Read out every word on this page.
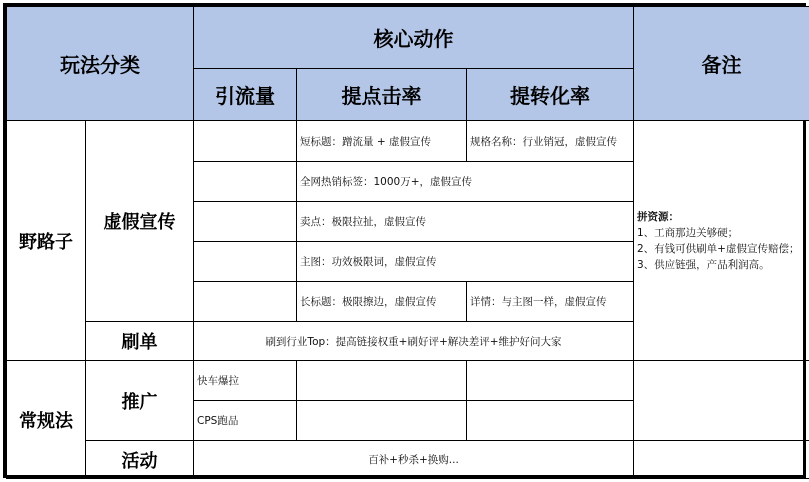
玩法分类		核心动作			备注
		引流量	提点击率	提转化率	
野路子	虚假宣传		短标题：蹭流量 + 虚假宣传	规格名称：行业销冠，虚假宣传	拼资源：
1、工商那边关够硬；
2、有钱可供刷单+虚假宣传赔偿；
3、供应链强，产品利润高。

			全网热销标签：1000万+，虚假宣传		
			卖点：极限拉扯，虚假宣传		
			主图：功效极限词，虚假宣传		
			长标题：极限擦边，虚假宣传	详情：与主图一样，虚假宣传	
	刷单	刷到行业Top：提高链接权重+刷好评+解决差评+维护好问大家			
常规法	推广	快车爆拉			
		CPS跑品			
	活动	百补+秒杀+换购...			
